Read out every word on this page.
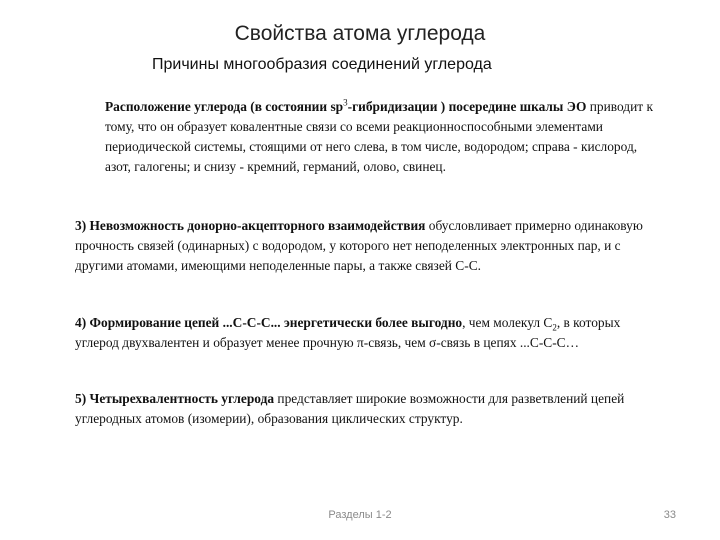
Свойства атома углерода
Причины многообразия соединений углерода

Расположение углерода (в состоянии $sp^3$-гибридизации ) посередине шкалы ЭО приводит к тому, что он образует ковалентные связи со всеми реакционноспособными элементами периодической системы, стоящими от него слева, в том числе, водородом; справа - кислород, азот, галогены; и снизу - кремний, германий, олово, свинец.

3) Невозможность донорно-акцепторного взаимодействия обусловливает примерно одинаковую прочность связей (одинарных) с водородом, у которого нет неподеленных электронных пар, и с другими атомами, имеющими неподеленные пары, а также связей С-С.

4) Формирование цепей ...С-С-С... энергетически более выгодно, чем молекул $С_2$, в которых углерод двухвалентен и образует менее прочную π-связь, чем σ-связь в цепях ...С-С-С…

5) Четырехвалентность углерода представляет широкие возможности для разветвлений цепей углеродных атомов (изомерии), образования циклических структур.

Разделы 1-2	33
